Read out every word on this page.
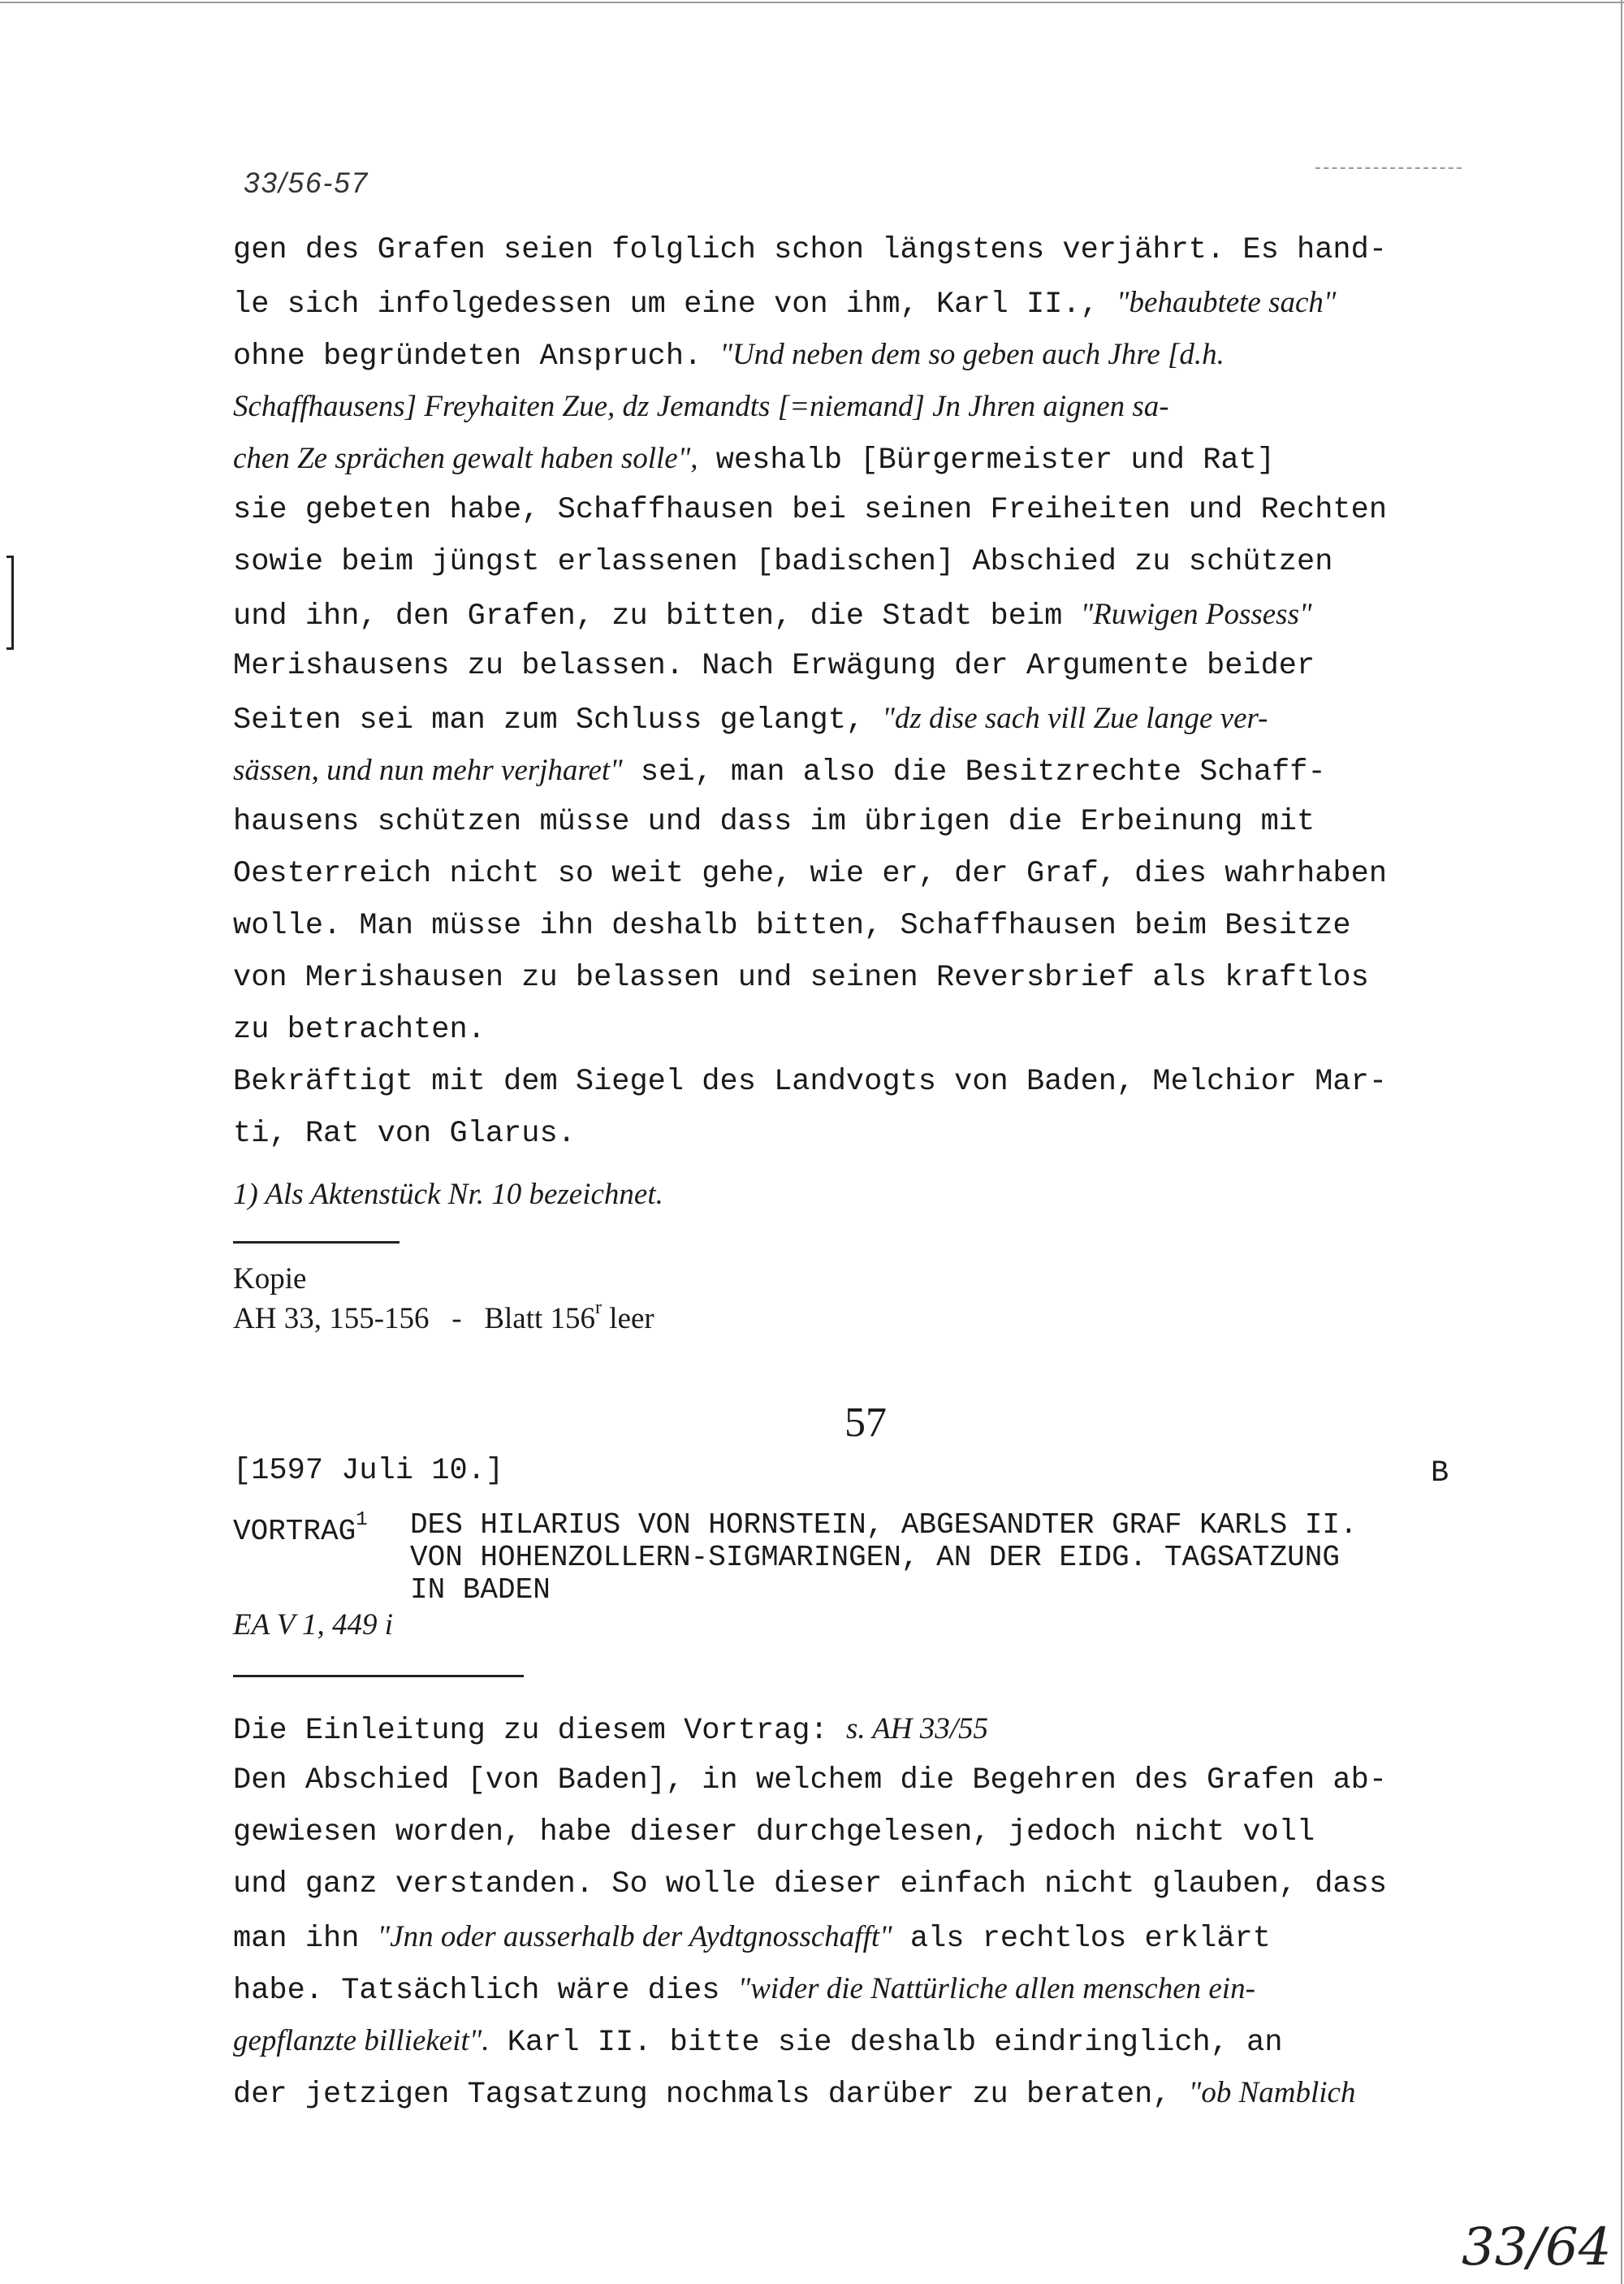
33/56-57
gen des Grafen seien folglich schon längstens verjährt. Es hand-
le sich infolgedessen um eine von ihm, Karl II., "behaubtete sach"
ohne begründeten Anspruch. "Und neben dem so geben auch Jhre [d.h.
Schaffhausens] Freyhaiten Zue, dz Jemandts [=niemand] Jn Jhren aignen sa-
chen Ze sprächen gewalt haben solle", weshalb [Bürgermeister und Rat]
sie gebeten habe, Schaffhausen bei seinen Freiheiten und Rechten
sowie beim jüngst erlassenen [badischen] Abschied zu schützen
und ihn, den Grafen, zu bitten, die Stadt beim "Ruwigen Possess"
Merishausens zu belassen. Nach Erwägung der Argumente beider
Seiten sei man zum Schluss gelangt, "dz dise sach vill Zue lange ver-
sässen, und nun mehr verjharet" sei, man also die Besitzrechte Schaff-
hausens schützen müsse und dass im übrigen die Erbeinung mit
Oesterreich nicht so weit gehe, wie er, der Graf, dies wahrhaben
wolle. Man müsse ihn deshalb bitten, Schaffhausen beim Besitze
von Merishausen zu belassen und seinen Reversbrief als kraftlos
zu betrachten.
Bekräftigt mit dem Siegel des Landvogts von Baden, Melchior Mar-
ti, Rat von Glarus.
1) Als Aktenstück Nr. 10 bezeichnet.
Kopie
AH 33, 155-156 - Blatt 156$^r$ leer
57
[1597 Juli 10.]	B
VORTRAG$^1$ DES HILARIUS VON HORNSTEIN, ABGESANDTER GRAF KARLS II.
VON HOHENZOLLERN-SIGMARINGEN, AN DER EIDG. TAGSATZUNG
IN BADEN
EA V 1, 449 i
Die Einleitung zu diesem Vortrag: s. AH 33/55
Den Abschied [von Baden], in welchem die Begehren des Grafen ab-
gewiesen worden, habe dieser durchgelesen, jedoch nicht voll
und ganz verstanden. So wolle dieser einfach nicht glauben, dass
man ihn "Jnn oder ausserhalb der Aydtgnosschafft" als rechtlos erklärt
habe. Tatsächlich wäre dies "wider die Nattürliche allen menschen ein-
gepflanzte billiekeit". Karl II. bitte sie deshalb eindringlich, an
der jetzigen Tagsatzung nochmals darüber zu beraten, "ob Namblich
33/64
